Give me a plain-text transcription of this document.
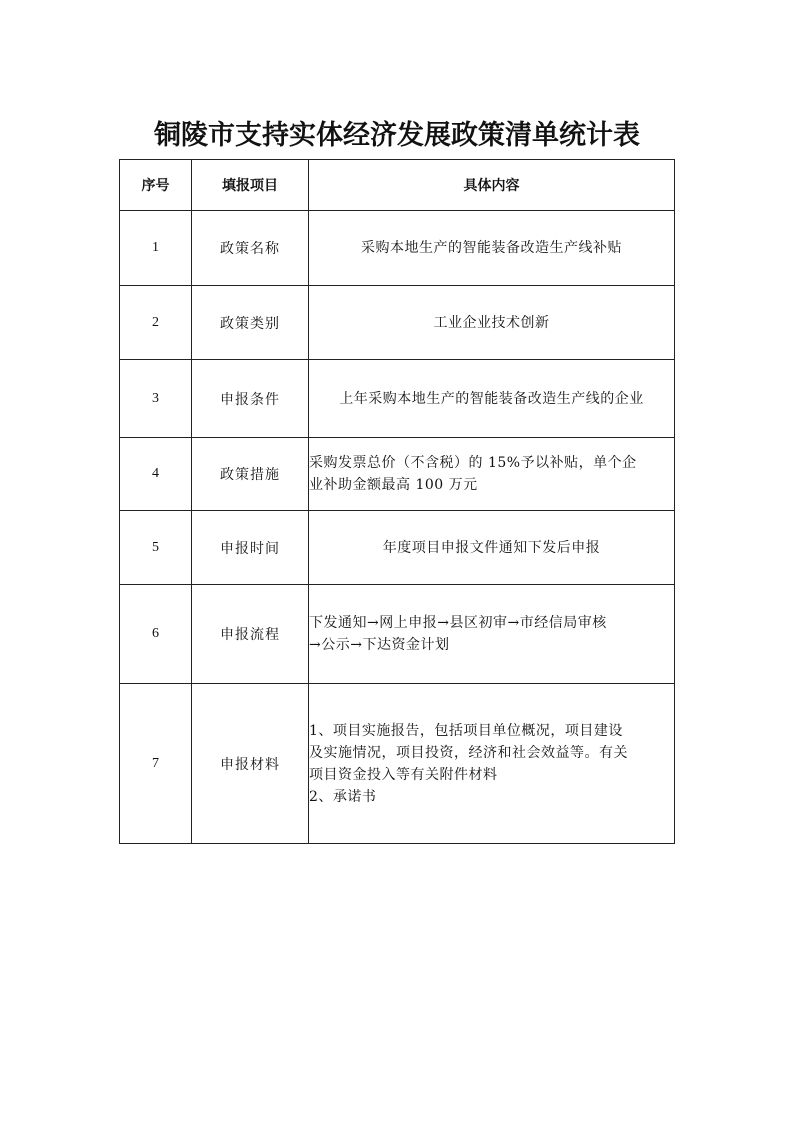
铜陵市支持实体经济发展政策清单统计表
序号	填报项目	具体内容
1	政策名称	采购本地生产的智能装备改造生产线补贴

2	政策类别	工业企业技术创新

3	申报条件	上年采购本地生产的智能装备改造生产线的企业

4	政策措施	采购发票总价（不含税）的 15%予以补贴，单个企
业补助金额最高 100 万元

5	申报时间	年度项目申报文件通知下发后申报

6	申报流程	下发通知→网上申报→县区初审→市经信局审核
→公示→下达资金计划

7	申报材料	1、项目实施报告，包括项目单位概况，项目建设
及实施情况，项目投资，经济和社会效益等。有关
项目资金投入等有关附件材料
2、承诺书
